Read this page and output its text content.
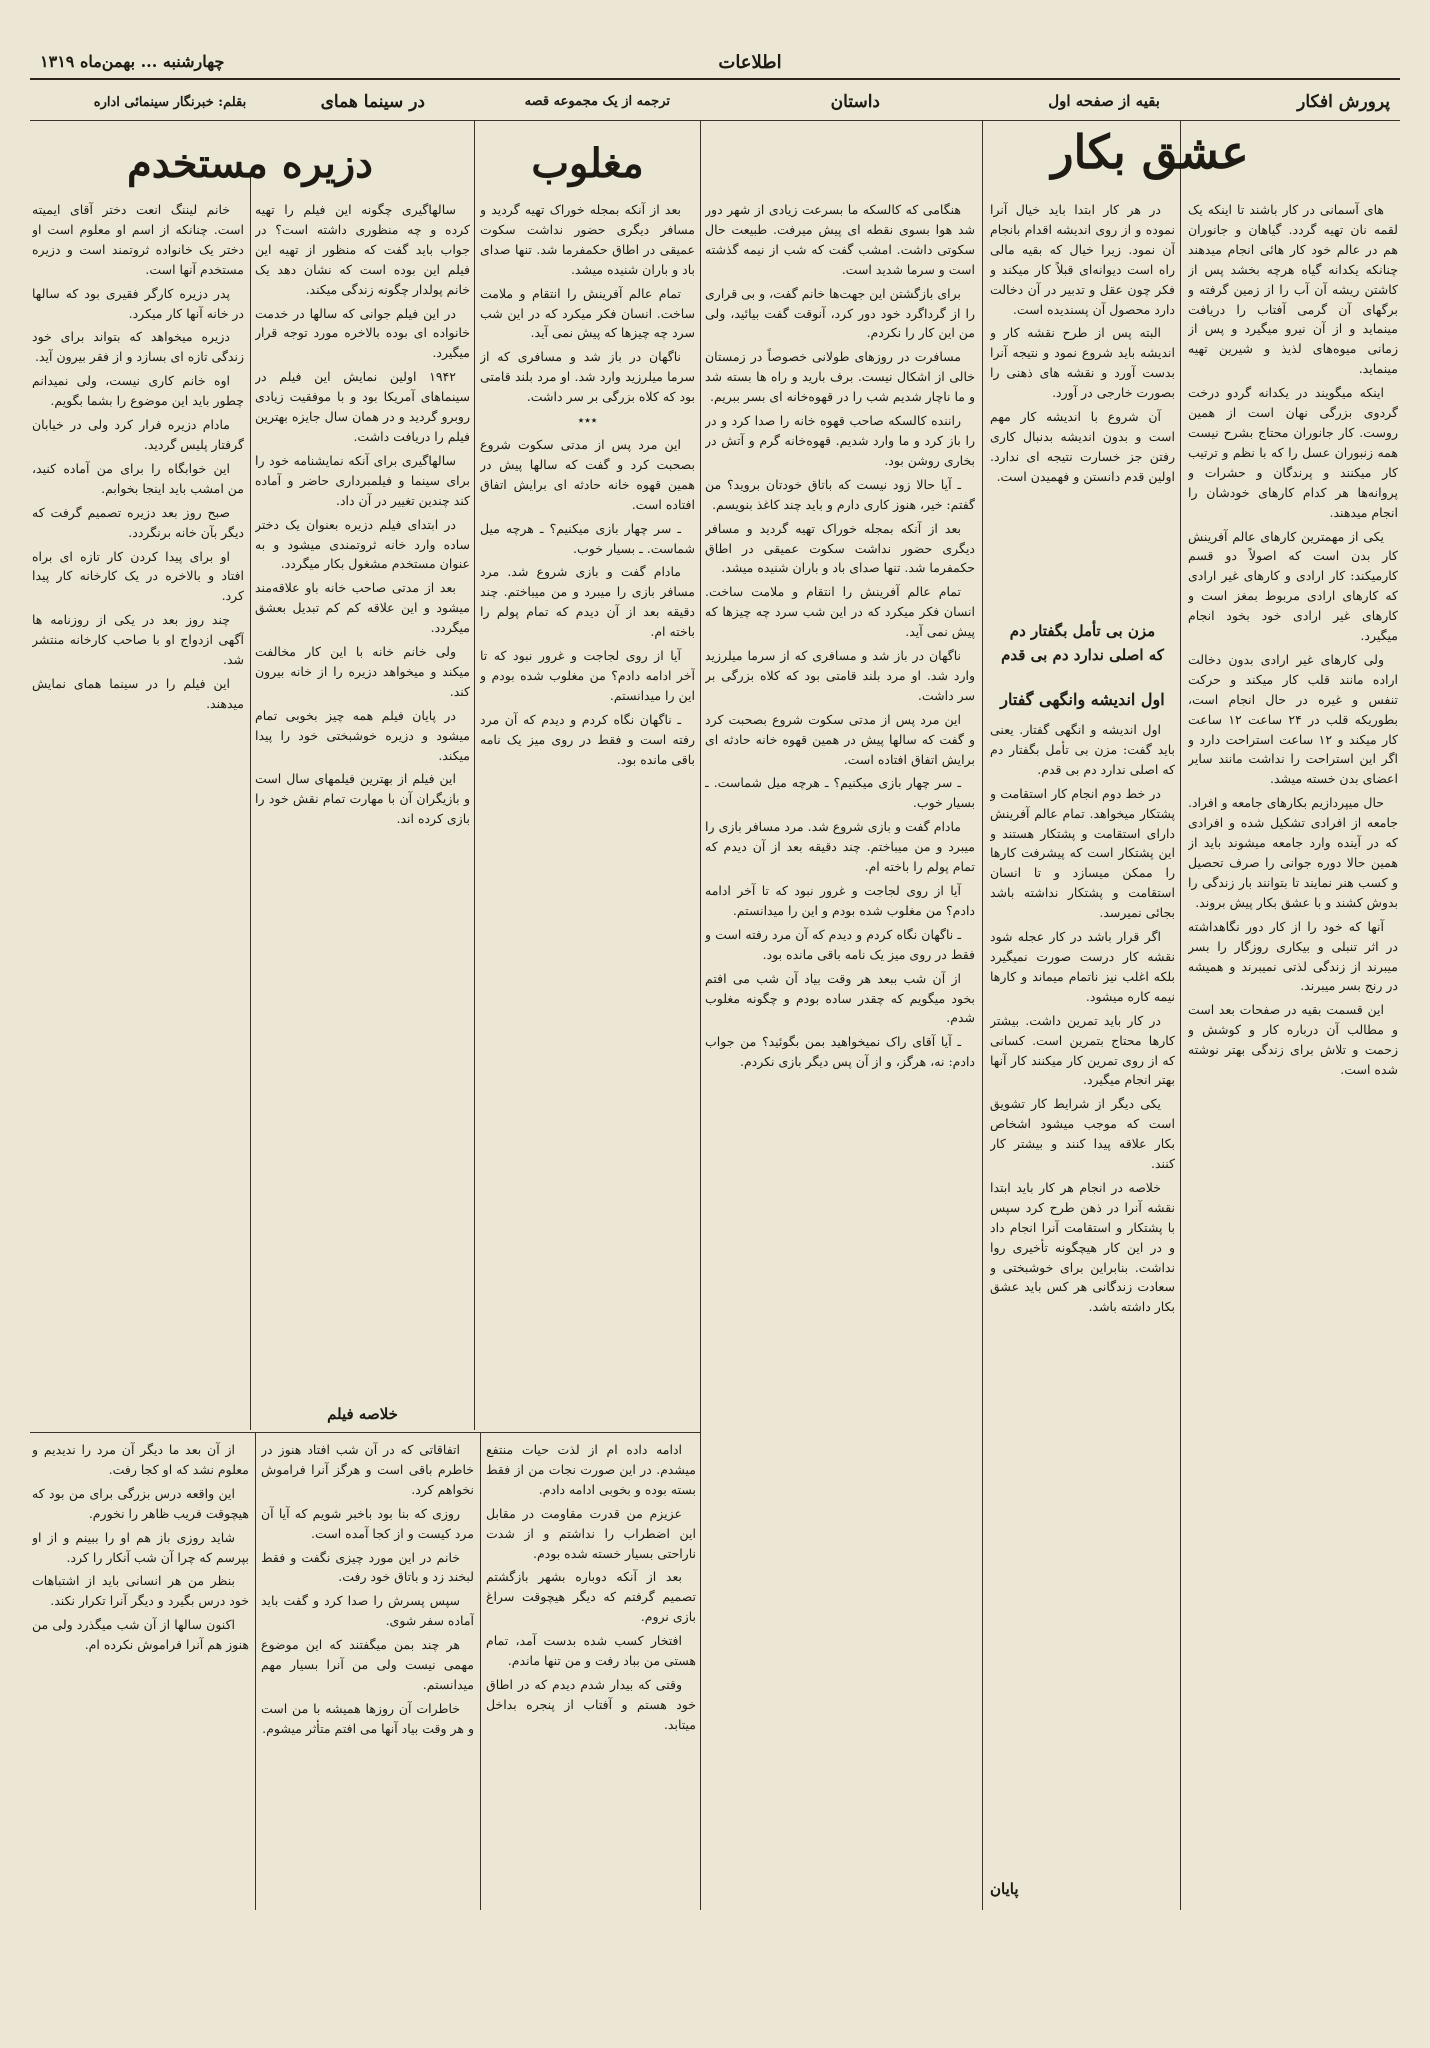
چهارشنبه ... بهمن‌ماه ۱۳۱۹	اطلاعات
پرورش افکار
بقیه از صفحه اول
داستان
ترجمه از یک مجموعه قصه
در سینما همای
بقلم: خبرنگار سینمائی اداره
عشق بکار

های آسمانی در کار باشند تا اینکه یک لقمه نان تهیه گردد. گیاهان و جانوران هم در عالم خود کار هائی انجام میدهند چنانکه یکدانه گیاه هرچه بخشد پس از کاشتن ریشه آن آب را از زمین گرفته و برگهای آن گرمی آفتاب را دریافت مینماید و از آن نیرو میگیرد و پس از زمانی میوه‌های لذیذ و شیرین تهیه مینماید.

اینکه میگویند در یکدانه گردو درخت گردوی بزرگی نهان است از همین روست. کار جانوران محتاج بشرح نیست همه زنبوران عسل را که با نظم و ترتیب کار میکنند و پرندگان و حشرات و پروانه‌ها هر کدام کار‌های خودشان را انجام میدهند.

یکی از مهمترین کارهای عالم آفرینش کار بدن است که اصولاً دو قسم کارمیکند: کار ارادی و کارهای غیر ارادی که کارهای ارادی مربوط بمغز است و کارهای غیر ارادی خود بخود انجام میگیرد.

ولی کارهای غیر ارادی بدون دخالت اراده مانند قلب کار میکند و حرکت تنفس و غیره در حال انجام است، بطوریکه قلب در ۲۴ ساعت ۱۲ ساعت کار میکند و ۱۲ ساعت استراحت دارد و اگر این استراحت را نداشت مانند سایر اعضای بدن خسته میشد.

حال میپردازیم بکارهای جامعه و افراد. جامعه از افرادی تشکیل شده و افرادی که در آینده وارد جامعه میشوند باید از همین حالا دوره جوانی را صرف تحصیل و کسب هنر نمایند تا بتوانند بار زندگی را بدوش کشند و با عشق بکار پیش بروند.

آنها که خود را از کار دور نگاهداشته در اثر تنبلی و بیکاری روزگار را بسر میبرند از زندگی لذتی نمیبرند و همیشه در رنج بسر میبرند.

این قسمت بقیه در صفحات بعد است و مطالب آن درباره کار و کوشش و زحمت و تلاش برای زندگی بهتر نوشته شده است.

در هر کار ابتدا باید خیال آنرا نموده و از روی اندیشه اقدام بانجام آن نمود. زیرا خیال که بقیه مالی راه است دیوانه‌ای قبلاً کار میکند و فکر چون عقل و تدبیر در آن دخالت دارد محصول آن پسندیده است.

البته پس از طرح نقشه کار و اندیشه باید شروع نمود و نتیجه آنرا بدست آورد و نقشه های ذهنی را بصورت خارجی در آورد.

آن شروع با اندیشه کار مهم است و بدون اندیشه بدنبال کاری رفتن جز خسارت نتیجه ای ندارد. اولین قدم دانستن و فهمیدن است.

مزن بی تأمل بگفتار دم
که اصلی ندارد دم بی قدم
اول اندیشه وانگهی گفتار

اول اندیشه و انگهی گفتار. یعنی باید گفت: مزن بی تأمل بگفتار دم که اصلی ندارد دم بی قدم.

در خط دوم انجام کار استقامت و پشتکار میخواهد. تمام عالم آفرینش دارای استقامت و پشتکار هستند و این پشتکار است که پیشرفت کارها را ممکن میسازد و تا انسان استقامت و پشتکار نداشته باشد بجائی نمیرسد.

اگر قرار باشد در کار عجله شود نقشه کار درست صورت نمیگیرد بلکه اغلب نیز ناتمام میماند و کارها نیمه کاره میشود.

در کار باید تمرین داشت. بیشتر کارها محتاج بتمرین است. کسانی که از روی تمرین کار میکنند کار آنها بهتر انجام میگیرد.

یکی دیگر از شرایط کار تشویق است که موجب میشود اشخاص بکار علاقه پیدا کنند و بیشتر کار کنند.

خلاصه در انجام هر کار باید ابتدا نقشه آنرا در ذهن طرح کرد سپس با پشتکار و استقامت آنرا انجام داد و در این کار هیچگونه تأخیری روا نداشت. بنابراین برای خوشبختی و سعادت زندگانی هر کس باید عشق بکار داشته باشد.

پایان
مغلوب

هنگامی که کالسکه ما بسرعت زیادی از شهر دور شد هوا بسوی نقطه ای پیش میرفت. طبیعت حال سکوتی داشت. امشب گفت که شب از نیمه گذشته است و سرما شدید است.

برای بازگشتن این جهت‌ها خانم گفت، و بی قراری را از گرداگرد خود دور کرد، آنوقت گفت بیائید، ولی من این کار را نکردم.

مسافرت در روزهای طولانی خصوصاً در زمستان خالی از اشکال نیست. برف بارید و راه ها بسته شد و ما ناچار شدیم شب را در قهوه‌خانه ای بسر ببریم.

راننده کالسکه صاحب قهوه خانه را صدا کرد و در را باز کرد و ما وارد شدیم. قهوه‌خانه گرم و آتش در بخاری روشن بود.

ـ آیا حالا زود نیست که باتاق خودتان بروید؟ من گفتم: خیر، هنوز کاری دارم و باید چند کاغذ بنویسم.

بعد از آنکه بمجله خوراک تهیه گردید و مسافر دیگری حضور نداشت سکوت عمیقی در اطاق حکمفرما شد. تنها صدای باد و باران شنیده میشد.

تمام عالم آفرینش را انتقام و ملامت ساخت. انسان فکر میکرد که در این شب سرد چه چیزها که پیش نمی آید.

ناگهان در باز شد و مسافری که از سرما میلرزید وارد شد. او مرد بلند قامتی بود که کلاه بزرگی بر سر داشت.

این مرد پس از مدتی سکوت شروع بصحبت کرد و گفت که سالها پیش در همین قهوه خانه حادثه ای برایش اتفاق افتاده است.

ـ سر چهار بازی میکنیم؟ ـ هرچه میل شماست. ـ بسیار خوب.

مادام گفت و بازی شروع شد. مرد مسافر بازی را میبرد و من میباختم. چند دقیقه بعد از آن دیدم که تمام پولم را باخته ام.

آیا از روی لجاجت و غرور نبود که تا آخر ادامه دادم؟ من مغلوب شده بودم و این را میدانستم.

ـ ناگهان نگاه کردم و دیدم که آن مرد رفته است و فقط در روی میز یک نامه باقی مانده بود.

از آن شب ببعد هر وقت بیاد آن شب می افتم بخود میگویم که چقدر ساده بودم و چگونه مغلوب شدم.

ـ آیا آقای راک نمیخواهید بمن بگوئید؟ من جواب دادم: نه، هرگز، و از آن پس دیگر بازی نکردم.

بعد از آنکه بمجله خوراک تهیه گردید و مسافر دیگری حضور نداشت سکوت عمیقی در اطاق حکمفرما شد. تنها صدای باد و باران شنیده میشد.

تمام عالم آفرینش را انتقام و ملامت ساخت. انسان فکر میکرد که در این شب سرد چه چیزها که پیش نمی آید.

ناگهان در باز شد و مسافری که از سرما میلرزید وارد شد. او مرد بلند قامتی بود که کلاه بزرگی بر سر داشت.

٭٭٭

این مرد پس از مدتی سکوت شروع بصحبت کرد و گفت که سالها پیش در همین قهوه خانه حادثه ای برایش اتفاق افتاده است.

ـ سر چهار بازی میکنیم؟ ـ هرچه میل شماست. ـ بسیار خوب.

مادام گفت و بازی شروع شد. مرد مسافر بازی را میبرد و من میباختم. چند دقیقه بعد از آن دیدم که تمام پولم را باخته ام.

آیا از روی لجاجت و غرور نبود که تا آخر ادامه دادم؟ من مغلوب شده بودم و این را میدانستم.

ـ ناگهان نگاه کردم و دیدم که آن مرد رفته است و فقط در روی میز یک نامه باقی مانده بود.

دزیره مستخدم

سالها‌گیری چگونه این فیلم را تهیه کرده و چه منظوری داشته است؟ در جواب باید گفت که منظور از تهیه این فیلم این بوده است که نشان دهد یک خانم پولدار چگونه زندگی میکند.

در این فیلم جوانی که سالها در خدمت خانواده ای بوده بالاخره مورد توجه قرار میگیرد.

۱۹۴۲ اولین نمایش این فیلم در سینماهای آمریکا بود و با موفقیت زیادی روبرو گردید و در همان سال جایزه بهترین فیلم را دریافت داشت.

سالها‌گیری برای آنکه نمایشنامه خود را برای سینما و فیلمبرداری حاضر و آماده کند چندین تغییر در آن داد.

در ابتدای فیلم دزیره بعنوان یک دختر ساده وارد خانه ثروتمندی میشود و به عنوان مستخدم مشغول بکار میگردد.

بعد از مدتی صاحب خانه باو علاقه‌مند میشود و این علاقه کم کم تبدیل بعشق میگردد.

ولی خانم خانه با این کار مخالفت میکند و میخواهد دزیره را از خانه بیرون کند.

در پایان فیلم همه چیز بخوبی تمام میشود و دزیره خوشبختی خود را پیدا میکند.

این فیلم از بهترین فیلمهای سال است و بازیگران آن با مهارت تمام نقش خود را بازی کرده اند.

خلاصه فیلم

خانم لیننگ انعت دختر آقای ایمیته است. چنانکه از اسم او معلوم است او دختر یک خانواده ثروتمند است و دزیره مستخدم آنها است.

پدر دزیره کارگر فقیری بود که سالها در خانه آنها کار میکرد.

دزیره میخواهد که بتواند برای خود زندگی تازه ای بسازد و از فقر بیرون آید.

اوه خانم کاری نیست، ولی نمیدانم چطور باید این موضوع را بشما بگویم.

مادام دزیره فرار کرد ولی در خیابان گرفتار پلیس گردید.

این خوابگاه را برای من آماده کنید، من امشب باید اینجا بخوابم.

صبح روز بعد دزیره تصمیم گرفت که دیگر بآن خانه برنگردد.

او برای پیدا کردن کار تازه ای براه افتاد و بالاخره در یک کارخانه کار پیدا کرد.

چند روز بعد در یکی از روزنامه ها آگهی ازدواج او با صاحب کارخانه منتشر شد.

این فیلم را در سینما همای نمایش میدهند.

ادامه داده ام از لذت حیات منتفع میشدم. در این صورت نجات من از فقط بسته بوده و بخوبی ادامه دادم.

عزیزم من قدرت مقاومت در مقابل این اضطراب را نداشتم و از شدت ناراحتی بسیار خسته شده بودم.

بعد از آنکه دوباره بشهر بازگشتم تصمیم گرفتم که دیگر هیچوقت سراغ بازی نروم.

افتخار کسب شده بدست آمد، تمام هستی من بباد رفت و من تنها ماندم.

وقتی که بیدار شدم دیدم که در اطاق خود هستم و آفتاب از پنجره بداخل میتابد.

اتفاقاتی که در آن شب افتاد هنوز در خاطرم باقی است و هرگز آنرا فراموش نخواهم کرد.

روزی که بنا بود باخبر شویم که آیا آن مرد کیست و از کجا آمده است.

خانم در این مورد چیزی نگفت و فقط لبخند زد و باتاق خود رفت.

سپس پسرش را صدا کرد و گفت باید آماده سفر شوی.

هر چند بمن میگفتند که این موضوع مهمی نیست ولی من آنرا بسیار مهم میدانستم.

خاطرات آن روزها همیشه با من است و هر وقت بیاد آنها می افتم متأثر میشوم.

از آن بعد ما دیگر آن مرد را ندیدیم و معلوم نشد که او کجا رفت.

این واقعه درس بزرگی برای من بود که هیچوقت فریب ظاهر را نخورم.

شاید روزی باز هم او را ببینم و از او بپرسم که چرا آن شب آنکار را کرد.

بنظر من هر انسانی باید از اشتباهات خود درس بگیرد و دیگر آنرا تکرار نکند.

اکنون سالها از آن شب میگذرد ولی من هنوز هم آنرا فراموش نکرده ام.
